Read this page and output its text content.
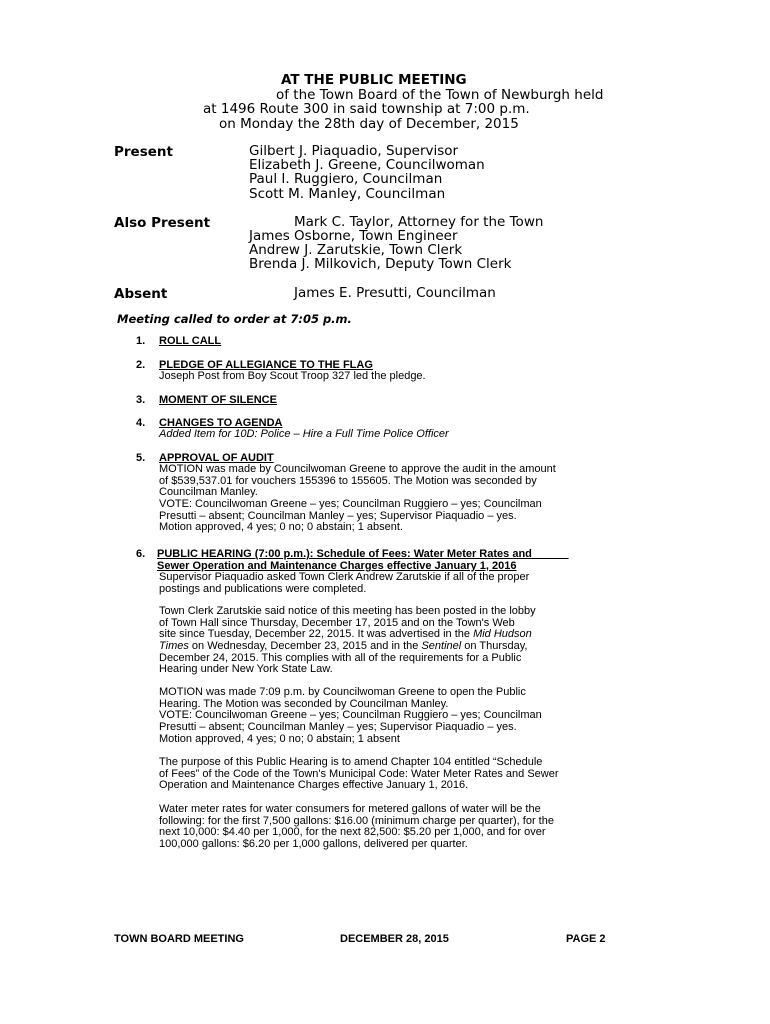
AT THE PUBLIC MEETING
of the Town Board of the Town of Newburgh held
at 1496 Route 300 in said township at 7:00 p.m.
on Monday the 28th day of December, 2015
Present	Gilbert J. Piaquadio, Supervisor
Elizabeth J. Greene, Councilwoman
Paul I. Ruggiero, Councilman
Scott M. Manley, Councilman
Also Present	Mark C. Taylor, Attorney for the Town
James Osborne, Town Engineer
Andrew J. Zarutskie, Town Clerk
Brenda J. Milkovich, Deputy Town Clerk
Absent	James E. Presutti, Councilman
Meeting called to order at 7:05 p.m.
1. ROLL CALL
2. PLEDGE OF ALLEGIANCE TO THE FLAG
Joseph Post from Boy Scout Troop 327 led the pledge.
3. MOMENT OF SILENCE
4. CHANGES TO AGENDA
Added Item for 10D: Police – Hire a Full Time Police Officer
5. APPROVAL OF AUDIT
MOTION was made by Councilwoman Greene to approve the audit in the amount
of $539,537.01 for vouchers 155396 to 155605. The Motion was seconded by
Councilman Manley.
VOTE: Councilwoman Greene – yes; Councilman Ruggiero – yes; Councilman
Presutti – absent; Councilman Manley – yes; Supervisor Piaquadio – yes.
Motion approved, 4 yes; 0 no; 0 abstain; 1 absent.
6. PUBLIC HEARING (7:00 p.m.): Schedule of Fees: Water Meter Rates and
Sewer Operation and Maintenance Charges effective January 1, 2016
Supervisor Piaquadio asked Town Clerk Andrew Zarutskie if all of the proper
postings and publications were completed.
Town Clerk Zarutskie said notice of this meeting has been posted in the lobby
of Town Hall since Thursday, December 17, 2015 and on the Town's Web
site since Tuesday, December 22, 2015. It was advertised in the Mid Hudson
Times on Wednesday, December 23, 2015 and in the Sentinel on Thursday,
December 24, 2015. This complies with all of the requirements for a Public
Hearing under New York State Law.
MOTION was made 7:09 p.m. by Councilwoman Greene to open the Public
Hearing. The Motion was seconded by Councilman Manley.
VOTE: Councilwoman Greene – yes; Councilman Ruggiero – yes; Councilman
Presutti – absent; Councilman Manley – yes; Supervisor Piaquadio – yes.
Motion approved, 4 yes; 0 no; 0 abstain; 1 absent
The purpose of this Public Hearing is to amend Chapter 104 entitled “Schedule
of Fees” of the Code of the Town's Municipal Code: Water Meter Rates and Sewer
Operation and Maintenance Charges effective January 1, 2016.
Water meter rates for water consumers for metered gallons of water will be the
following: for the first 7,500 gallons: $16.00 (minimum charge per quarter), for the
next 10,000: $4.40 per 1,000, for the next 82,500: $5.20 per 1,000, and for over
100,000 gallons: $6.20 per 1,000 gallons, delivered per quarter.
TOWN BOARD MEETING	DECEMBER 28, 2015	PAGE 2
